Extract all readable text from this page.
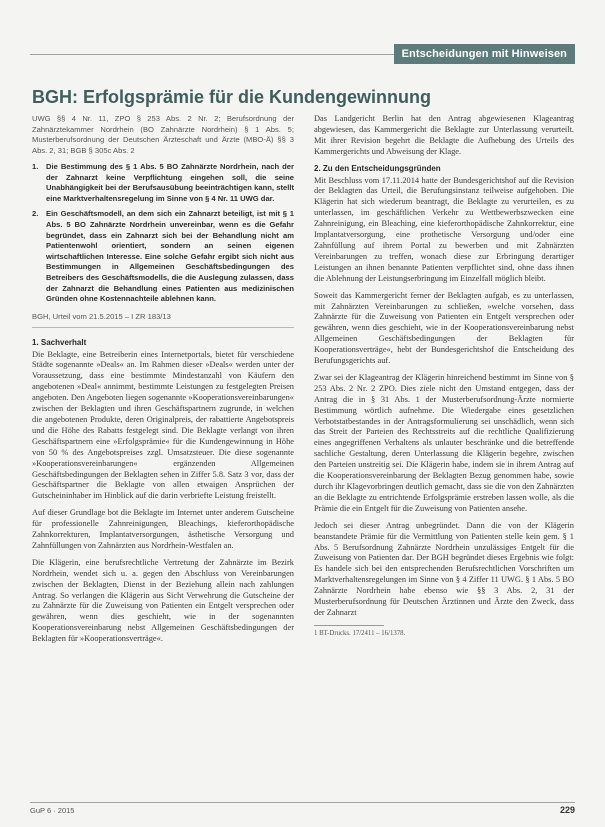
Entscheidungen mit Hinweisen
BGH: Erfolgsprämie für die Kundengewinnung

UWG §§ 4 Nr. 11, ZPO § 253 Abs. 2 Nr. 2; Berufsordnung der Zahnärztekammer Nordrhein (BO Zahnärzte Nordrhein) § 1 Abs. 5; Musterberufsordnung der Deutschen Ärzteschaft und Ärzte (MBO-Ä) §§ 3 Abs. 2, 31; BGB § 305c Abs. 2

1.	Die Bestimmung des § 1 Abs. 5 BO Zahnärzte Nordrhein, nach der der Zahnarzt keine Verpflichtung eingehen soll, die seine Unabhängigkeit bei der Berufsausübung beeinträchtigen kann, stellt eine Marktverhaltensregelung im Sinne von § 4 Nr. 11 UWG dar.
2.	Ein Geschäftsmodell, an dem sich ein Zahnarzt beteiligt, ist mit § 1 Abs. 5 BO Zahnärzte Nordrhein unvereinbar, wenn es die Gefahr begründet, dass ein Zahnarzt sich bei der Behandlung nicht am Patientenwohl orientiert, sondern an seinen eigenen wirtschaftlichen Interesse. Eine solche Gefahr ergibt sich nicht aus Bestimmungen in Allgemeinen Geschäftsbedingungen des Betreibers des Geschäftsmodells, die die Auslegung zulassen, dass der Zahnarzt die Behandlung eines Patienten aus medizinischen Gründen ohne Kostennachteile ablehnen kann.

BGH, Urteil vom 21.5.2015 – I ZR 183/13

1. Sachverhalt

Die Beklagte, eine Betreiberin eines Internetportals, bietet für verschiedene Städte sogenannte »Deals« an. Im Rahmen dieser »Deals« werden unter der Voraussetzung, dass eine bestimmte Mindestanzahl von Käufern den angebotenen »Deal« annimmt, bestimmte Leistungen zu festgelegten Preisen angeboten. Den Angeboten liegen sogenannte »Kooperationsvereinbarungen« zwischen der Beklagten und ihren Geschäftspartnern zugrunde, in welchen die angebotenen Produkte, deren Originalpreis, der rabattierte Angebotspreis und die Höhe des Rabatts festgelegt sind. Die Beklagte verlangt von ihren Geschäftspartnern eine »Erfolgsprämie« für die Kundengewinnung in Höhe von 50 % des Angebotspreises zzgl. Umsatzsteuer. Die diese sogenannte »Kooperationsvereinbarungen« ergänzenden Allgemeinen Geschäftsbedingungen der Beklagten sehen in Ziffer 5.8. Satz 3 vor, dass der Geschäftspartner die Beklagte von allen etwaigen Ansprüchen der Gutscheininhaber im Hinblick auf die darin verbriefte Leistung freistellt.

Auf dieser Grundlage bot die Beklagte im Internet unter anderem Gutscheine für professionelle Zahnreinigungen, Bleachings, kieferorthopädische Zahnkorrekturen, Implantatversorgungen, ästhetische Versorgung und Zahnfüllungen von Zahnärzten aus Nordrhein-Westfalen an.

Die Klägerin, eine berufsrechtliche Vertretung der Zahnärzte im Bezirk Nordrhein, wendet sich u. a. gegen den Abschluss von Vereinbarungen zwischen der Beklagten, Dienst in der Beziehung allein nach zahlungen Antrag. So verlangen die Klägerin aus Sicht Verwehrung die Gutscheine der zu Zahnärzte für die Zuweisung von Patienten ein Entgelt versprechen oder gewähren, wenn dies geschieht, wie in der sogenannten Kooperationsvereinbarung nebst Allgemeinen Geschäftsbedingungen der Beklagten für »Kooperationsverträge«.

Das Landgericht Berlin hat den Antrag abgewiesenen Klageantrag abgewiesen, das Kammergericht die Beklagte zur Unterlassung verurteilt. Mit ihrer Revision begehrt die Beklagte die Aufhebung des Urteils des Kammergerichts und Abweisung der Klage.

2. Zu den Entscheidungsgründen

Mit Beschluss vom 17.11.2014 hatte der Bundesgerichtshof auf die Revision der Beklagten das Urteil, die Berufungsinstanz teilweise aufgehoben. Die Klägerin hat sich wiederum beantragt, die Beklagte zu verurteilen, es zu unterlassen, im geschäftlichen Verkehr zu Wettbewerbszwecken eine Zahnreinigung, ein Bleaching, eine kieferorthopädische Zahnkorrektur, eine Implantatversorgung, eine prothetische Versorgung und/oder eine Zahnfüllung auf ihrem Portal zu bewerben und mit Zahnärzten Vereinbarungen zu treffen, wonach diese zur Erbringung derartiger Leistungen an ihnen benannte Patienten verpflichtet sind, ohne dass ihnen die Ablehnung der Leistungserbringung im Einzelfall möglich bleibt.

Soweit das Kammergericht ferner der Beklagten aufgab, es zu unterlassen, mit Zahnärzten Vereinbarungen zu schließen, »welche vorsehen, dass Zahnärzte für die Zuweisung von Patienten ein Entgelt versprechen oder gewähren, wenn dies geschieht, wie in der Kooperationsvereinbarung nebst Allgemeinen Geschäftsbedingungen der Beklagten für Kooperationsverträge«, hebt der Bundesgerichtshof die Entscheidung des Berufungsgerichts auf.

Zwar sei der Klageantrag der Klägerin hinreichend bestimmt im Sinne von § 253 Abs. 2 Nr. 2 ZPO. Dies ziele nicht den Umstand entgegen, dass der Antrag die in § 31 Abs. 1 der Musterberufsordnung-Ärzte normierte Bestimmung wörtlich aufnehme. Die Wiedergabe eines gesetzlichen Verbotstatbestandes in der Antragsformulierung sei unschädlich, wenn sich das Streit der Parteien des Rechtsstreits auf die rechtliche Qualifizierung eines angegriffenen Verhaltens als unlauter beschränke und die betreffende sachliche Gestaltung, deren Unterlassung die Klägerin begehre, zwischen den Parteien unstreitig sei. Die Klägerin habe, indem sie in ihrem Antrag auf die Kooperationsvereinbarung der Beklagten Bezug genommen habe, sowie durch ihr Klagevorbringen deutlich gemacht, dass sie die von den Zahnärzten an die Beklagte zu entrichtende Erfolgsprämie erstreben lassen wolle, als die Prämie die ein Entgelt für die Zuweisung von Patienten ansehe.

Jedoch sei dieser Antrag unbegründet. Dann die von der Klägerin beanstandete Prämie für die Vermittlung von Patienten stelle kein gem. § 1 Abs. 5 Berufsordnung Zahnärzte Nordrhein unzulässiges Entgelt für die Zuweisung von Patienten dar. Der BGH begründet dieses Ergebnis wie folgt: Es handele sich bei den entsprechenden Berufsrechtlichen Vorschriften um Marktverhaltensregelungen im Sinne von § 4 Ziffer 11 UWG. § 1 Abs. 5 BO Zahnärzte Nordrhein habe ebenso wie §§ 3 Abs. 2, 31 der Musterberufsordnung für Deutschen Ärztinnen und Ärzte den Zweck, dass der Zahnarzt

1 BT-Drucks. 17/2411 – 16/1378.

GuP 6 · 2015	229
